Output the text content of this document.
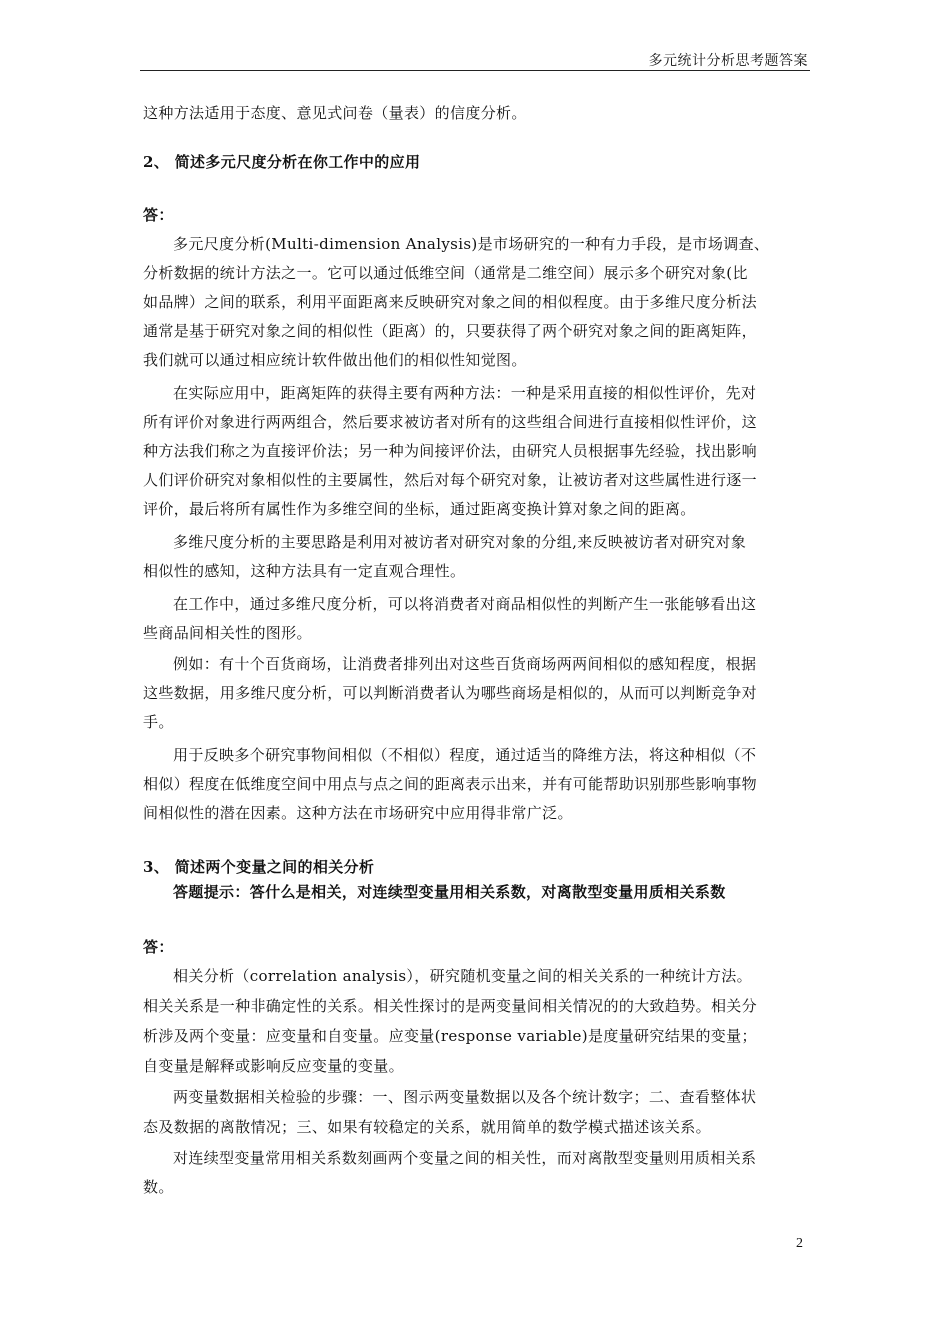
多元统计分析思考题答案
这种方法适用于态度、意见式问卷（量表）的信度分析。
2、 简述多元尺度分析在你工作中的应用
答：
多元尺度分析(Multi-dimension Analysis)是市场研究的一种有力手段，是市场调查、
分析数据的统计方法之一。它可以通过低维空间（通常是二维空间）展示多个研究对象(比
如品牌）之间的联系，利用平面距离来反映研究对象之间的相似程度。由于多维尺度分析法
通常是基于研究对象之间的相似性（距离）的，只要获得了两个研究对象之间的距离矩阵，
我们就可以通过相应统计软件做出他们的相似性知觉图。
在实际应用中，距离矩阵的获得主要有两种方法：一种是采用直接的相似性评价，先对
所有评价对象进行两两组合，然后要求被访者对所有的这些组合间进行直接相似性评价，这
种方法我们称之为直接评价法；另一种为间接评价法，由研究人员根据事先经验，找出影响
人们评价研究对象相似性的主要属性，然后对每个研究对象，让被访者对这些属性进行逐一
评价，最后将所有属性作为多维空间的坐标，通过距离变换计算对象之间的距离。
多维尺度分析的主要思路是利用对被访者对研究对象的分组,来反映被访者对研究对象
相似性的感知，这种方法具有一定直观合理性。
在工作中，通过多维尺度分析，可以将消费者对商品相似性的判断产生一张能够看出这
些商品间相关性的图形。
例如：有十个百货商场，让消费者排列出对这些百货商场两两间相似的感知程度，根据
这些数据，用多维尺度分析，可以判断消费者认为哪些商场是相似的，从而可以判断竞争对
手。
用于反映多个研究事物间相似（不相似）程度，通过适当的降维方法，将这种相似（不
相似）程度在低维度空间中用点与点之间的距离表示出来，并有可能帮助识别那些影响事物
间相似性的潜在因素。这种方法在市场研究中应用得非常广泛。
3、 简述两个变量之间的相关分析
答题提示：答什么是相关，对连续型变量用相关系数，对离散型变量用质相关系数
答：
相关分析（correlation analysis），研究随机变量之间的相关关系的一种统计方法。
相关关系是一种非确定性的关系。相关性探讨的是两变量间相关情况的的大致趋势。相关分
析涉及两个变量：应变量和自变量。应变量(response variable)是度量研究结果的变量；
自变量是解释或影响反应变量的变量。
两变量数据相关检验的步骤：一、图示两变量数据以及各个统计数字；二、查看整体状
态及数据的离散情况；三、如果有较稳定的关系，就用简单的数学模式描述该关系。
对连续型变量常用相关系数刻画两个变量之间的相关性，而对离散型变量则用质相关系
数。
2
